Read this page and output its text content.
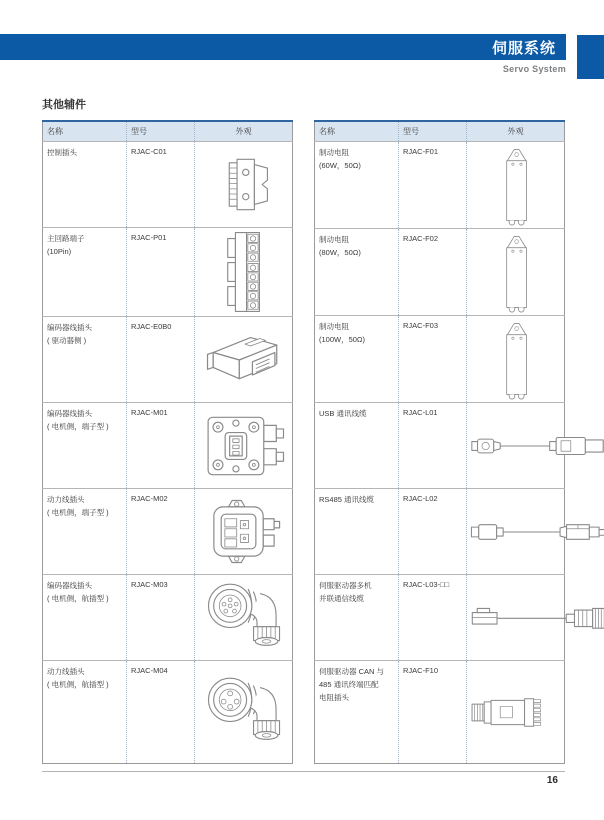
伺服系统
Servo System
其他辅件
名称	型号	外观

控制插头	RJAC-C01	

主回路端子
(10Pin)	RJAC-P01	

编码器线插头
( 驱动器侧 )	RJAC-E0B0	

编码器线插头
( 电机侧，端子型 )	RJAC-M01	

动力线插头
( 电机侧，端子型 )	RJAC-M02	

编码器线插头
( 电机侧，航插型 )	RJAC-M03	

动力线插头
( 电机侧，航插型 )	RJAC-M04	
名称	型号	外观

制动电阻
(60W，50Ω)	RJAC-F01	

制动电阻
(80W，50Ω)	RJAC-F02	

制动电阻
(100W，50Ω)	RJAC-F03	

USB 通讯线缆	RJAC-L01	

RS485 通讯线缆	RJAC-L02	

伺服驱动器多机
并联通信线缆	RJAC-L03-□□	

伺服驱动器 CAN 与
485 通讯终端匹配
电阻插头	RJAC-F10	
16
